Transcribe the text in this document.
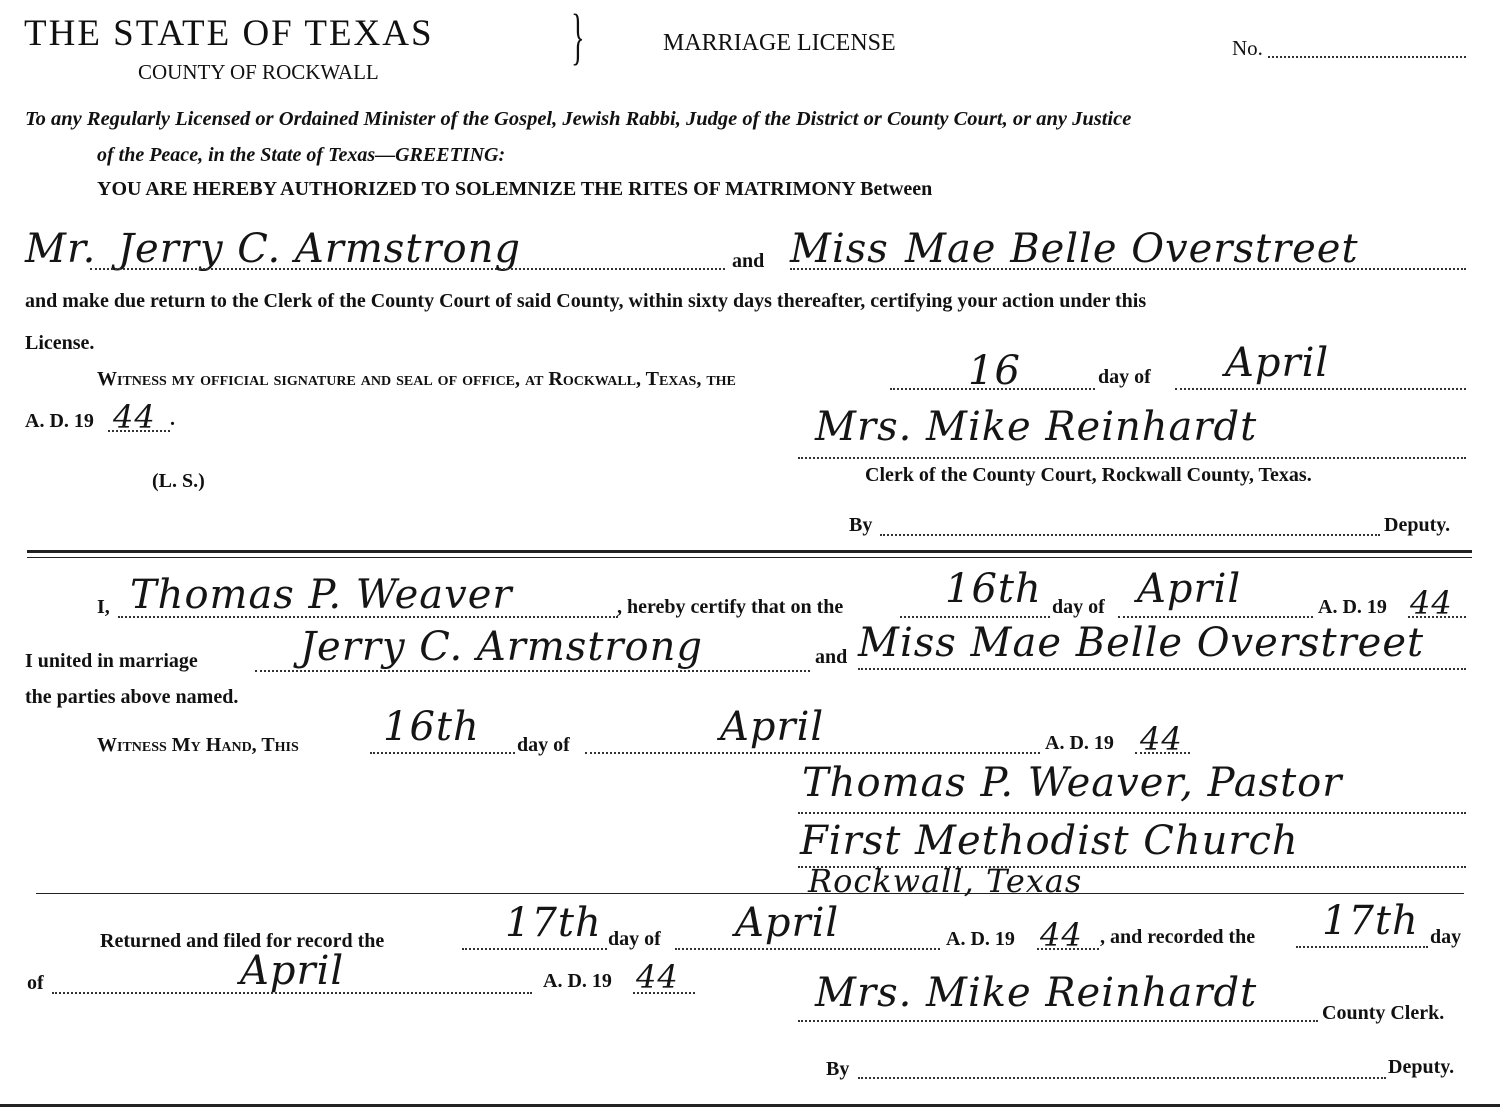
THE STATE OF TEXAS }
COUNTY OF ROCKWALL
MARRIAGE LICENSE	No.
To any Regularly Licensed or Ordained Minister of the Gospel, Jewish Rabbi, Judge of the District or County Court, or any Justice
of the Peace, in the State of Texas—GREETING:
YOU ARE HEREBY AUTHORIZED TO SOLEMNIZE THE RITES OF MATRIMONY Between
Mr. Jerry C. Armstrong	and Miss Mae Belle Overstreet
and make due return to the Clerk of the County Court of said County, within sixty days thereafter, certifying your action under this
License.
Witness my official signature and seal of office, at Rockwall, Texas, the	16	day of April
A. D. 19 44 .	Mrs. Mike Reinhardt
(L. S.)	Clerk of the County Court, Rockwall County, Texas.
By	Deputy.
I, Thomas P. Weaver	, hereby certify that on the	16th day of April	A. D. 19 44
I united in marriage	Jerry C. Armstrong	and Miss Mae Belle Overstreet
the parties above named.
Witness My Hand, This 16th day of	April	A. D. 19 44
Thomas P. Weaver, Pastor
First Methodist Church
Rockwall, Texas
Returned and filed for record the	17th day of April	A. D. 19 44 , and recorded the 17th day
of	April	A. D. 19 44	Mrs. Mike Reinhardt	County Clerk.
By	Deputy.
